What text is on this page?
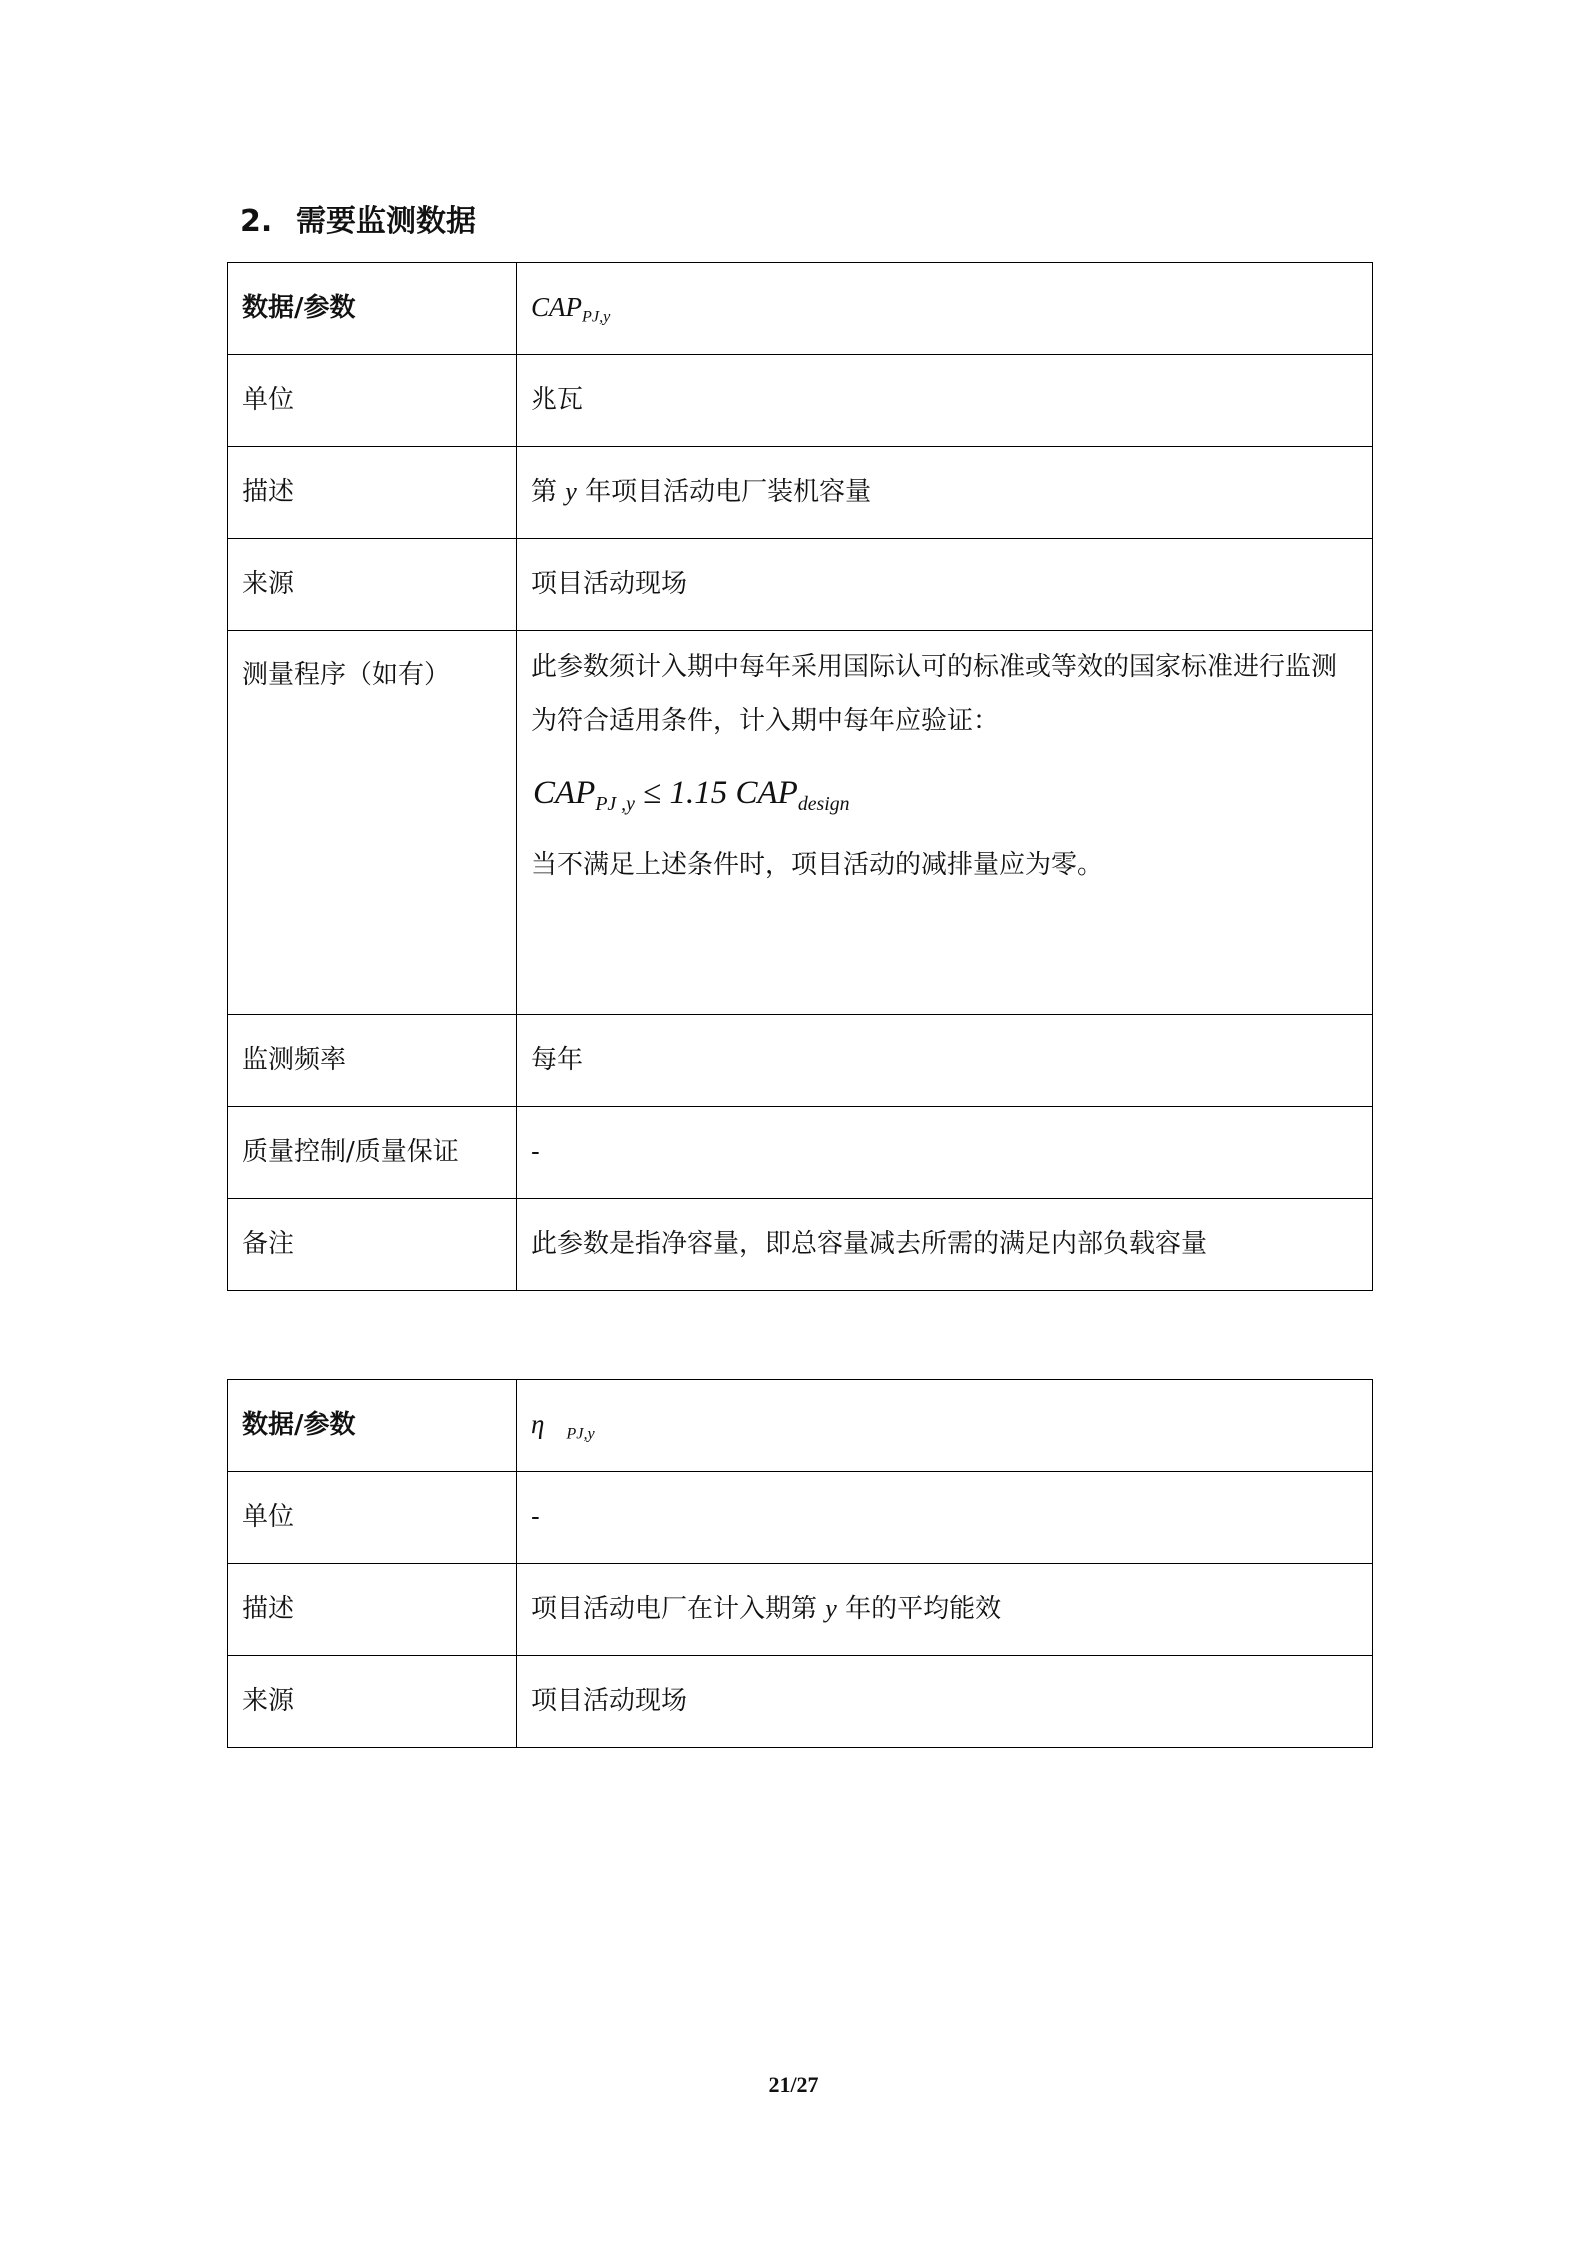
2. 需要监测数据
数据/参数	$CAP_{PJ,y}$
单位	兆瓦
描述	第 y 年项目活动电厂装机容量
来源	项目活动现场
测量程序（如有）	此参数须计入期中每年采用国际认可的标准或等效的国家标准进行监测

为符合适用条件，计入期中每年应验证：

$CAP_{PJ ,y} \le 1.15$ $CAP_{design}$

当不满足上述条件时，项目活动的减排量应为零。

监测频率	每年
质量控制/质量保证	-
备注	此参数是指净容量，即总容量减去所需的满足内部负载容量
数据/参数	η $_{PJ,y}$
单位	-
描述	项目活动电厂在计入期第 y 年的平均能效
来源	项目活动现场
21/27
